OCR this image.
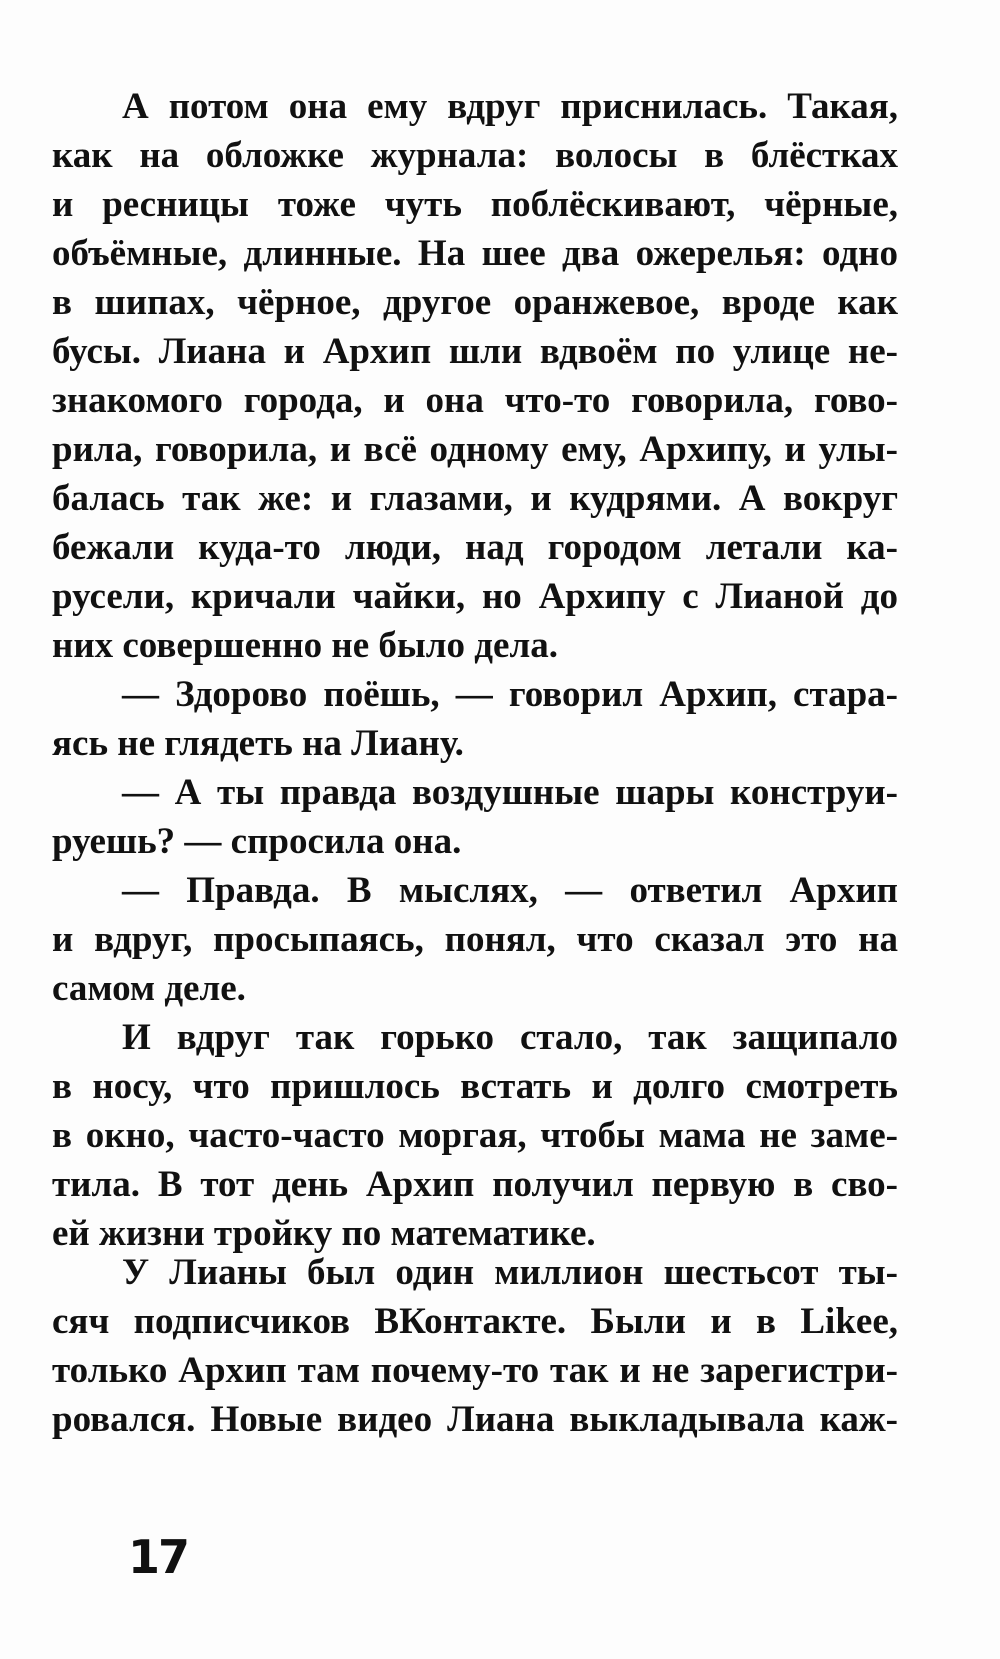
А потом она ему вдруг приснилась. Такая,
как на обложке журнала: волосы в блёстках
и ресницы тоже чуть поблёскивают, чёрные,
объёмные, длинные. На шее два ожерелья: одно
в шипах, чёрное, другое оранжевое, вроде как
бусы. Лиана и Архип шли вдвоём по улице не-
знакомого города, и она что-то говорила, гово-
рила, говорила, и всё одному ему, Архипу, и улы-
балась так же: и глазами, и кудрями. А вокруг
бежали куда-то люди, над городом летали ка-
русели, кричали чайки, но Архипу с Лианой до
них совершенно не было дела.
— Здорово поёшь, — говорил Архип, стара-
ясь не глядеть на Лиану.
— А ты правда воздушные шары конструи-
руешь? — спросила она.
— Правда. В мыслях, — ответил Архип
и вдруг, просыпаясь, понял, что сказал это на
самом деле.
И вдруг так горько стало, так защипало
в носу, что пришлось встать и долго смотреть
в окно, часто-часто моргая, чтобы мама не заме-
тила. В тот день Архип получил первую в сво-
ей жизни тройку по математике.
У Лианы был один миллион шестьсот ты-
сяч подписчиков ВКонтакте. Были и в Likee,
только Архип там почему-то так и не зарегистри-
ровался. Новые видео Лиана выкладывала каж-
17
